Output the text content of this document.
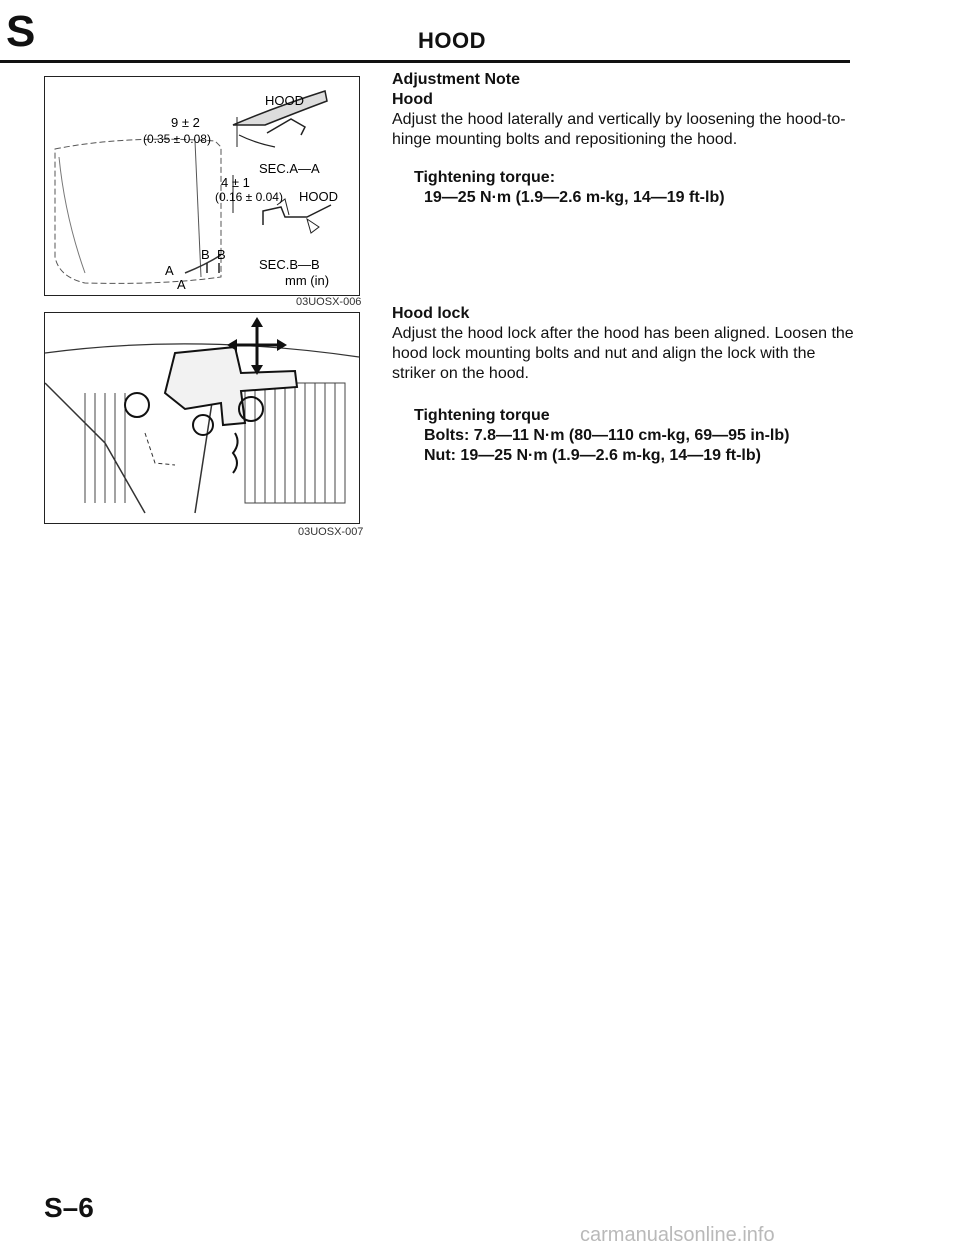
S	HOOD
B B
A
A
HOOD
9 ± 2
(0.35 ± 0.08)
SEC.A—A
4 ± 1
(0.16 ± 0.04) HOOD
SEC.B—B
mm (in)
03UOSX-006
03UOSX-007
Adjustment Note
Hood

Adjust the hood laterally and vertically by loosening the hood-to-hinge mounting bolts and repositioning the hood.

Tightening torque:
19—25 N·m (1.9—2.6 m-kg, 14—19 ft-lb)
Hood lock

Adjust the hood lock after the hood has been aligned. Loosen the hood lock mounting bolts and nut and align the lock with the striker on the hood.

Tightening torque
Bolts: 7.8—11 N·m (80—110 cm-kg, 69—95 in-lb)
Nut: 19—25 N·m (1.9—2.6 m-kg, 14—19 ft-lb)
S–6
carmanualsonline.info
